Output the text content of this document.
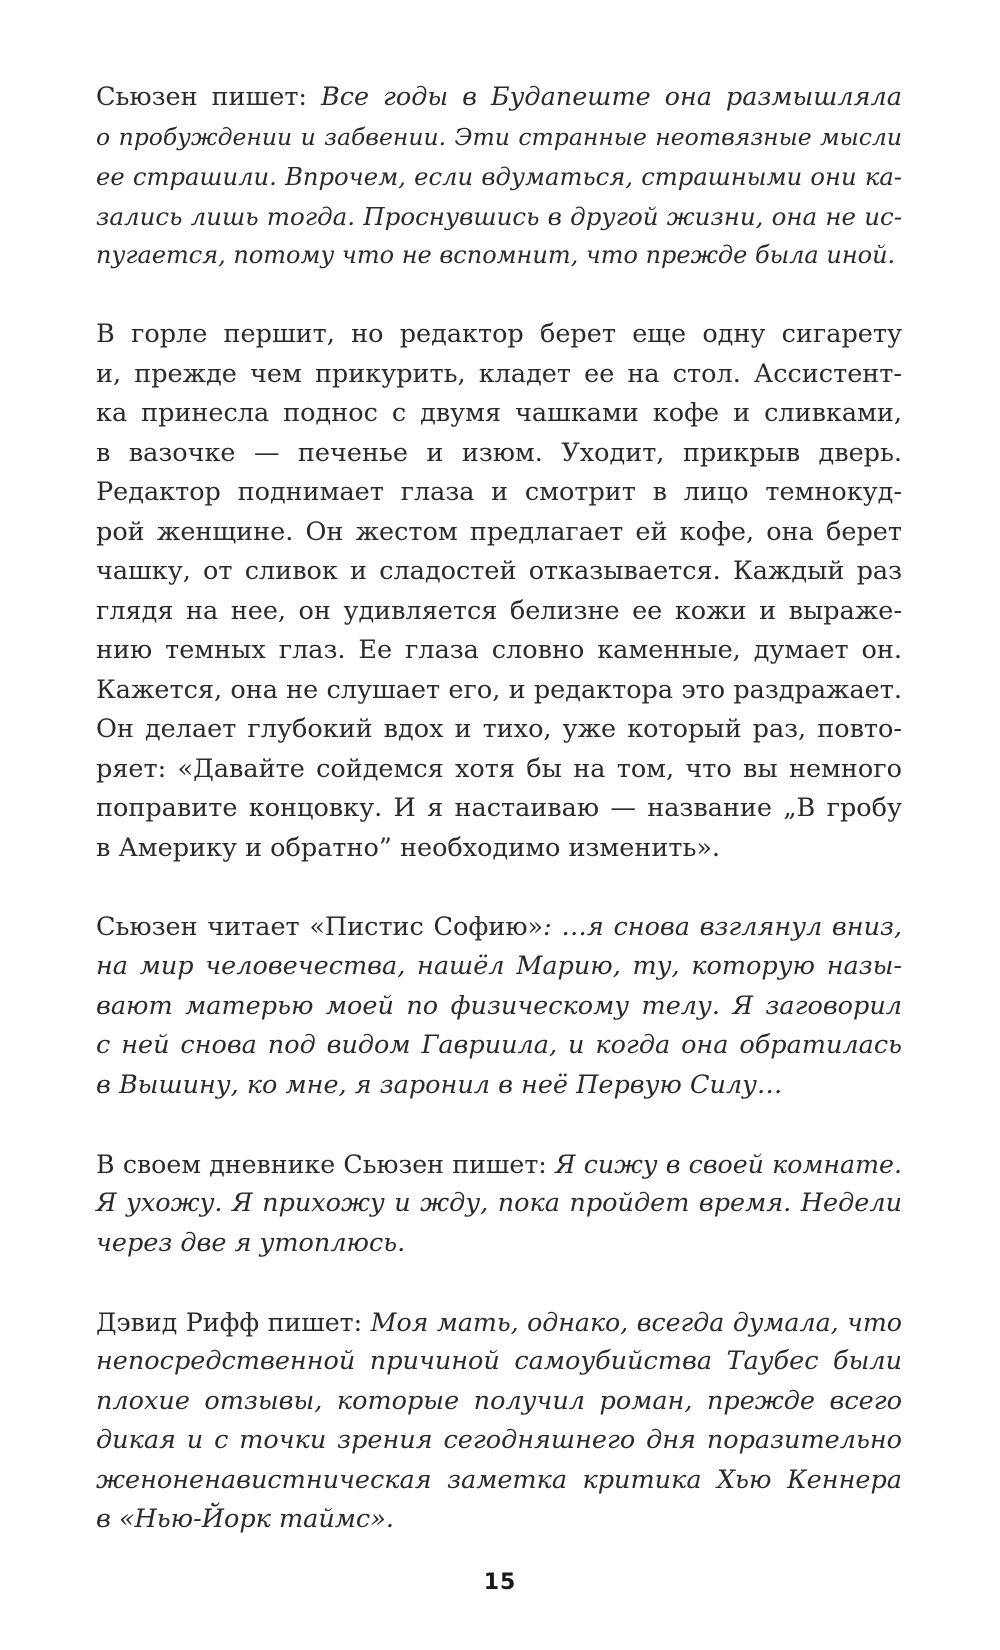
Сьюзен пишет: Все годы в Будапеште она размышляла
о пробуждении и забвении. Эти странные неотвязные мысли
ее страшили. Впрочем, если вдуматься, страшными они ка-
зались лишь тогда. Проснувшись в другой жизни, она не ис-
пугается, потому что не вспомнит, что прежде была иной.
В горле першит, но редактор берет еще одну сигарету
и, прежде чем прикурить, кладет ее на стол. Ассистент-
ка принесла поднос с двумя чашками кофе и сливками,
в вазочке — печенье и изюм. Уходит, прикрыв дверь.
Редактор поднимает глаза и смотрит в лицо темнокуд-
рой женщине. Он жестом предлагает ей кофе, она берет
чашку, от сливок и сладостей отказывается. Каждый раз
глядя на нее, он удивляется белизне ее кожи и выраже-
нию темных глаз. Ее глаза словно каменные, думает он.
Кажется, она не слушает его, и редактора это раздражает.
Он делает глубокий вдох и тихо, уже который раз, повто-
ряет: «Давайте сойдемся хотя бы на том, что вы немного
поправите концовку. И я настаиваю — название „В гробу
в Америку и обратно” необходимо изменить».
Сьюзен читает «Пистис Софию»: …я снова взглянул вниз,
на мир человечества, нашёл Марию, ту, которую назы-
вают матерью моей по физическому телу. Я заговорил
с ней снова под видом Гавриила, и когда она обратилась
в Вышину, ко мне, я заронил в неё Первую Силу…
В своем дневнике Сьюзен пишет: Я сижу в своей комнате.
Я ухожу. Я прихожу и жду, пока пройдет время. Недели
через две я утоплюсь.
Дэвид Рифф пишет: Моя мать, однако, всегда думала, что
непосредственной причиной самоубийства Таубес были
плохие отзывы, которые получил роман, прежде всего
дикая и с точки зрения сегодняшнего дня поразительно
женоненавистническая заметка критика Хью Кеннера
в «Нью-Йорк таймс».
15
